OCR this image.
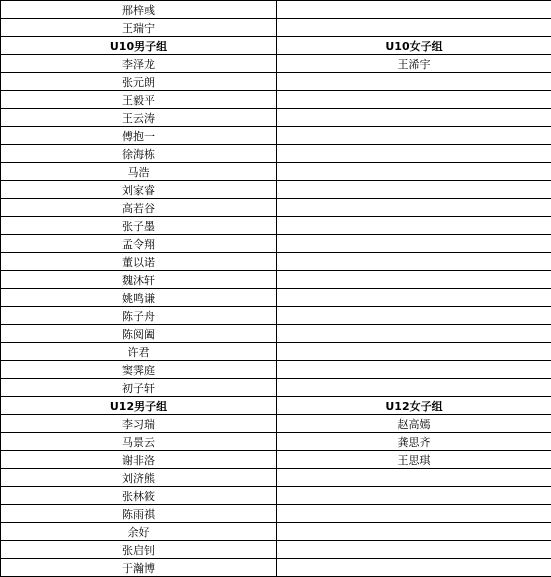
邢梓彧	
王瑞宁	
U10男子组	U10女子组
李泽龙	王浠宇
张元朗	
王毅平	
王云涛	
傅抱一	
徐海栋	
马浩	
刘家睿	
高若谷	
张子墨	
孟令翔	
董以诺	
魏沐轩	
姚鸣谦	
陈子舟	
陈阅阖	
许君	
窦霁庭	
初子轩	
U12男子组	U12女子组
李习瑞	赵高嫣
马景云	龚思齐
谢非洛	王思琪
刘济熊	
张林筱	
陈雨祺	
余好	
张启钊	
于瀚博	
